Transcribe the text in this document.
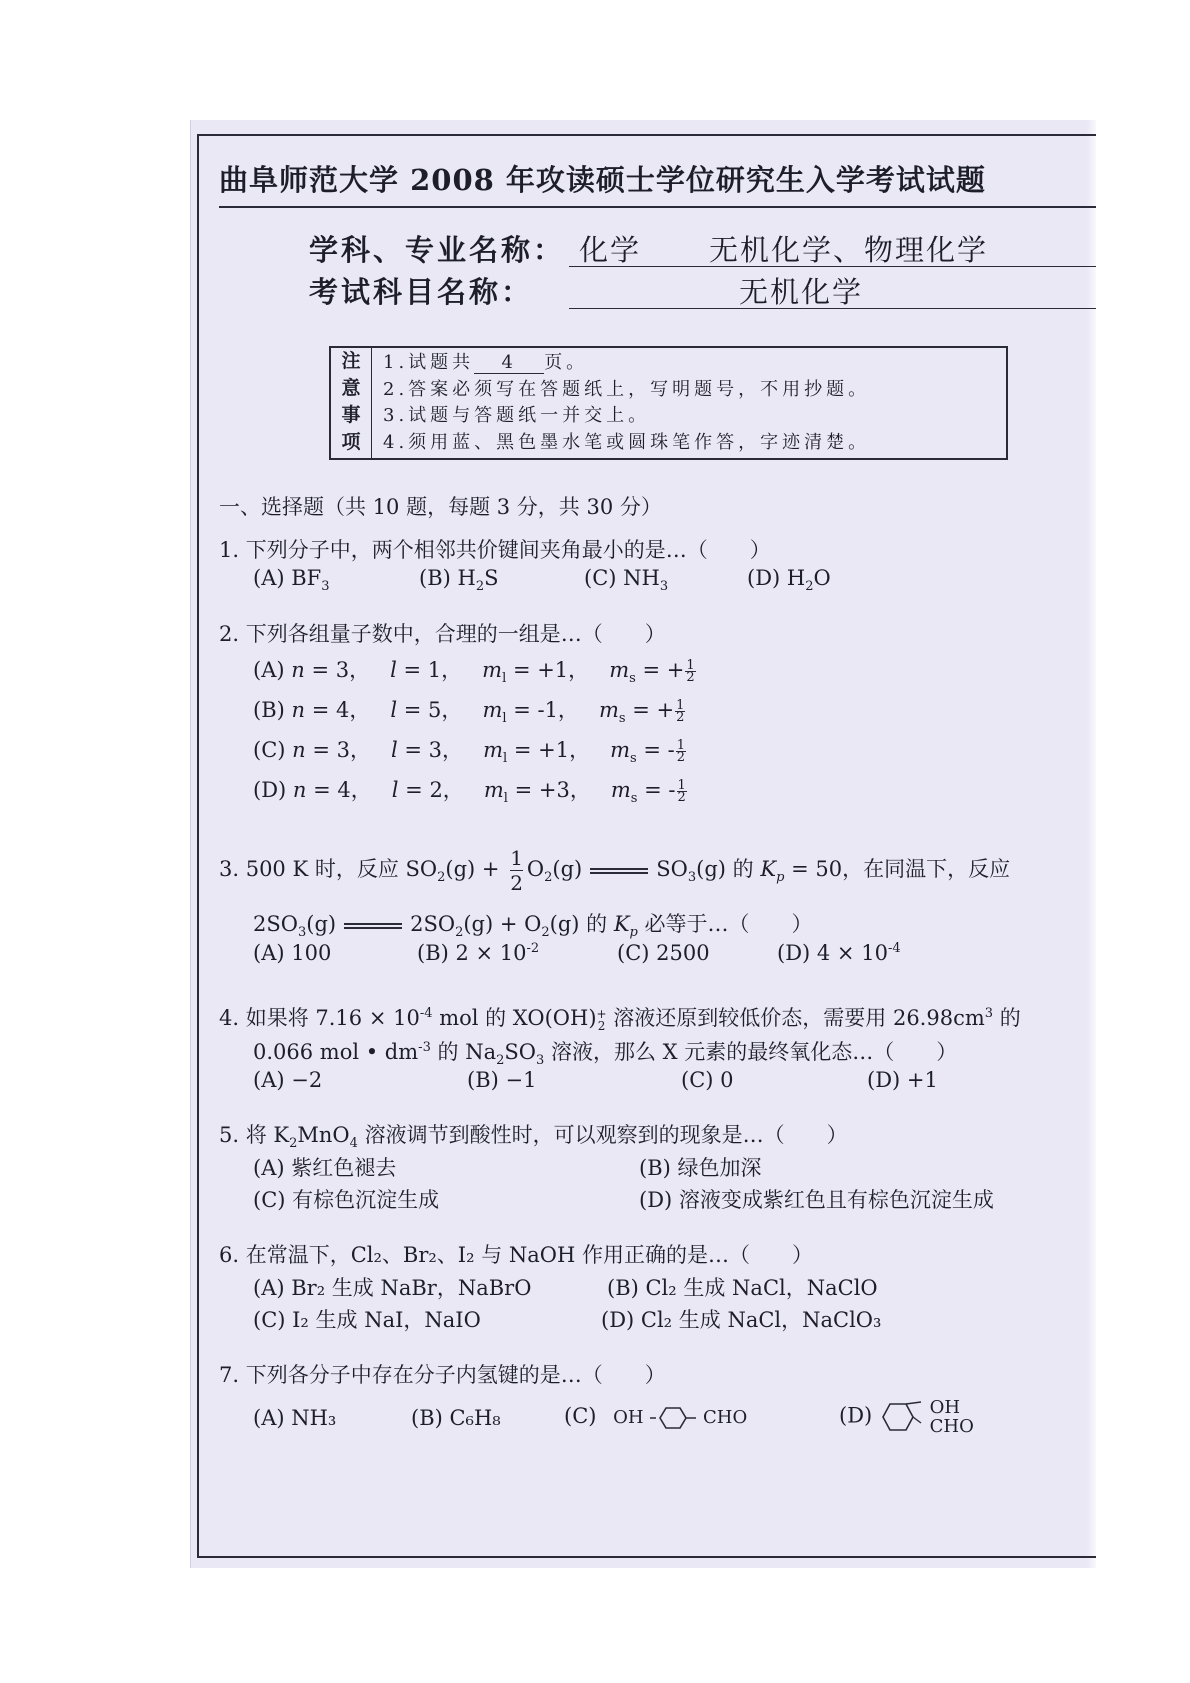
曲阜师范大学 2008 年攻读硕士学位研究生入学考试试题
学科、专业名称： 化学 无机化学、物理化学
考试科目名称：	无机化学
注
意
事
项
1.试题共 4 页。
2.答案必须写在答题纸上，写明题号，不用抄题。
3.试题与答题纸一并交上。
4.须用蓝、黑色墨水笔或圆珠笔作答，字迹清楚。
一、选择题（共 10 题，每题 3 分，共 30 分）
1. 下列分子中，两个相邻共价键间夹角最小的是…（　　）
(A) $BF_3$	(B) $H_2S$	(C) $NH_3$	(D) $H_2O$
2. 下列各组量子数中，合理的一组是…（　　）
(A) n = 3，   l = 1，   $m_l = +1$，   $m_s$ = + $\frac{1}{2}$
(B) n = 4，   l = 5，   $m_l = -1$，   $m_s$ = + $\frac{1}{2}$
(C) n = 3，   l = 3，   $m_l = +1$，   $m_s$ = - $\frac{1}{2}$
(D) n = 4，   l = 2，   $m_l = +3$，   $m_s$ = - $\frac{1}{2}$
3. 500 K 时，反应 $SO_2(g) + \frac{1}{2} O_2(g)$	$SO_3(g)$ 的 $K_p = 50$，在同温下，反应
$2SO_3(g)$	$2SO_2(g) + O_2(g)$ 的 $K_p$ 必等于…（　　）
(A) 100	(B) $2 \times 10^{-2}$	(C) 2500	(D) $4 \times 10^{-4}$
4. 如果将 $7.16 \times 10^{-4}$ mol 的 XO(OH) +
2 溶液还原到较低价态，需要用 $26.98cm^3$ 的
0.066 mol • $dm^{-3}$ 的 $Na_2SO_3$ 溶液，那么 X 元素的最终氧化态…（　　）
(A) −2	(B) −1	(C) 0	(D) +1
5. 将 $K_2MnO_4$ 溶液调节到酸性时，可以观察到的现象是…（　　）
(A) 紫红色褪去	(B) 绿色加深
(C) 有棕色沉淀生成	(D) 溶液变成紫红色且有棕色沉淀生成
6. 在常温下，Cl₂、Br₂、I₂ 与 NaOH 作用正确的是…（　　）
(A) Br₂ 生成 NaBr，NaBrO	(B) Cl₂ 生成 NaCl，NaClO
(C) I₂ 生成 NaI，NaIO	(D) Cl₂ 生成 NaCl，NaClO₃
7. 下列各分子中存在分子内氢键的是…（　　）
(A) NH₃	(B) C₆H₈	(C) OH	CHO	(D)	OH
CHO
